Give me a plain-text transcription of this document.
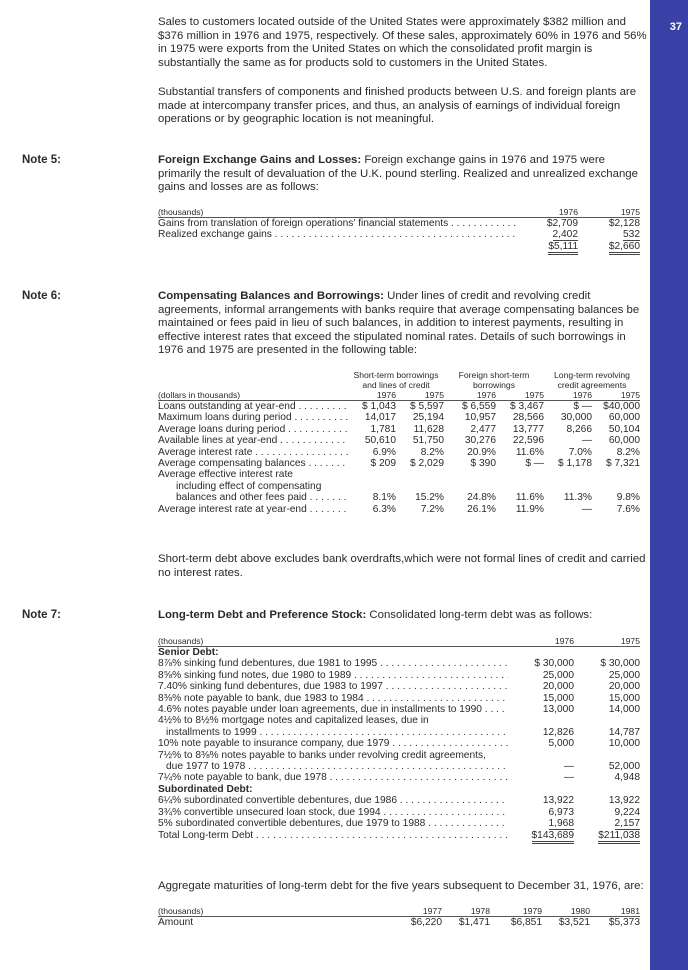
37

Sales to customers located outside of the United States were approximately $382 million and $376 million in 1976 and 1975, respectively. Of these sales, approximately 60% in 1976 and 56% in 1975 were exports from the United States on which the consolidated profit margin is substantially the same as for products sold to customers in the United States.

Substantial transfers of components and finished products between U.S. and foreign plants are made at intercompany transfer prices, and thus, an analysis of earnings of individual foreign operations or by geographic location is not meaningful.

Note 5:	Foreign Exchange Gains and Losses: Foreign exchange gains in 1976 and 1975 were primarily the result of devaluation of the U.K. pound sterling. Realized and unrealized exchange gains and losses are as follows:

(thousands)	1976	1975
Gains from translation of foreign operations' financial statements . . .	$2,709	$2,128
Realized exchange gains . . .	2,402	532
	$5,111	$2,660
Note 6:	Compensating Balances and Borrowings: Under lines of credit and revolving credit agreements, informal arrangements with banks require that average compensating balances be maintained or fees paid in lieu of such balances, in addition to interest payments, resulting in effective interest rates that exceed the stipulated nominal rates. Details of such borrowings in 1976 and 1975 are presented in the following table:

	Short-term borrowings and lines of credit		Foreign short-term borrowings		Long-term revolving credit agreements	
(dollars in thousands)	1976	1975	1976	1975	1976	1975
Loans outstanding at year-end . . .	$ 1,043	$ 5,597	$ 6,559	$ 3,467	$ —	$40,000
Maximum loans during period . . .	14,017	25,194	10,957	28,566	30,000	60,000
Average loans during period . . .	1,781	11,628	2,477	13,777	8,266	50,104
Available lines at year-end . . .	50,610	51,750	30,276	22,596	—	60,000
Average interest rate . . .	6.9%	8.2%	20.9%	11.6%	7.0%	8.2%
Average compensating balances . . .	$ 209	$ 2,029	$ 390	$ —	$ 1,178	$ 7,321
Average effective interest rate						
including effect of compensating						
balances and other fees paid . . .	8.1%	15.2%	24.8%	11.6%	11.3%	9.8%
Average interest rate at year-end . . .	6.3%	7.2%	26.1%	11.9%	—	7.6%

Short-term debt above excludes bank overdrafts,which were not formal lines of credit and carried no interest rates.

Note 7:	Long-term Debt and Preference Stock: Consolidated long-term debt was as follows:

(thousands)	1976	1975
Senior Debt:		
8⅞% sinking fund debentures, due 1981 to 1995 . . .	$ 30,000	$ 30,000
8⅝% sinking fund notes, due 1980 to 1989 . . .	25,000	25,000
7.40% sinking fund debentures, due 1983 to 1997 . . .	20,000	20,000
8⅜% note payable to bank, due 1983 to 1984 . . .	15,000	15,000
4.6% notes payable under loan agreements, due in installments to 1990 . . .	13,000	14,000
4½% to 8½% mortgage notes and capitalized leases, due in		
installments to 1999 . . .	12,826	14,787
10% note payable to insurance company, due 1979 . . .	5,000	10,000
7½% to 8⅜% notes payable to banks under revolving credit agreements,		
due 1977 to 1978 . . .	—	52,000
7¼% note payable to bank, due 1978 . . .	—	4,948
Subordinated Debt:		
6¼% subordinated convertible debentures, due 1986 . . .	13,922	13,922
3¾% convertible unsecured loan stock, due 1994 . . .	6,973	9,224
5% subordinated convertible debentures, due 1979 to 1988 . . .	1,968	2,157
Total Long-term Debt . . .	$143,689	$211,038

Aggregate maturities of long-term debt for the five years subsequent to December 31, 1976, are:

(thousands)	1977	1978	1979	1980	1981
Amount	$6,220	$1,471	$6,851	$3,521	$5,373
